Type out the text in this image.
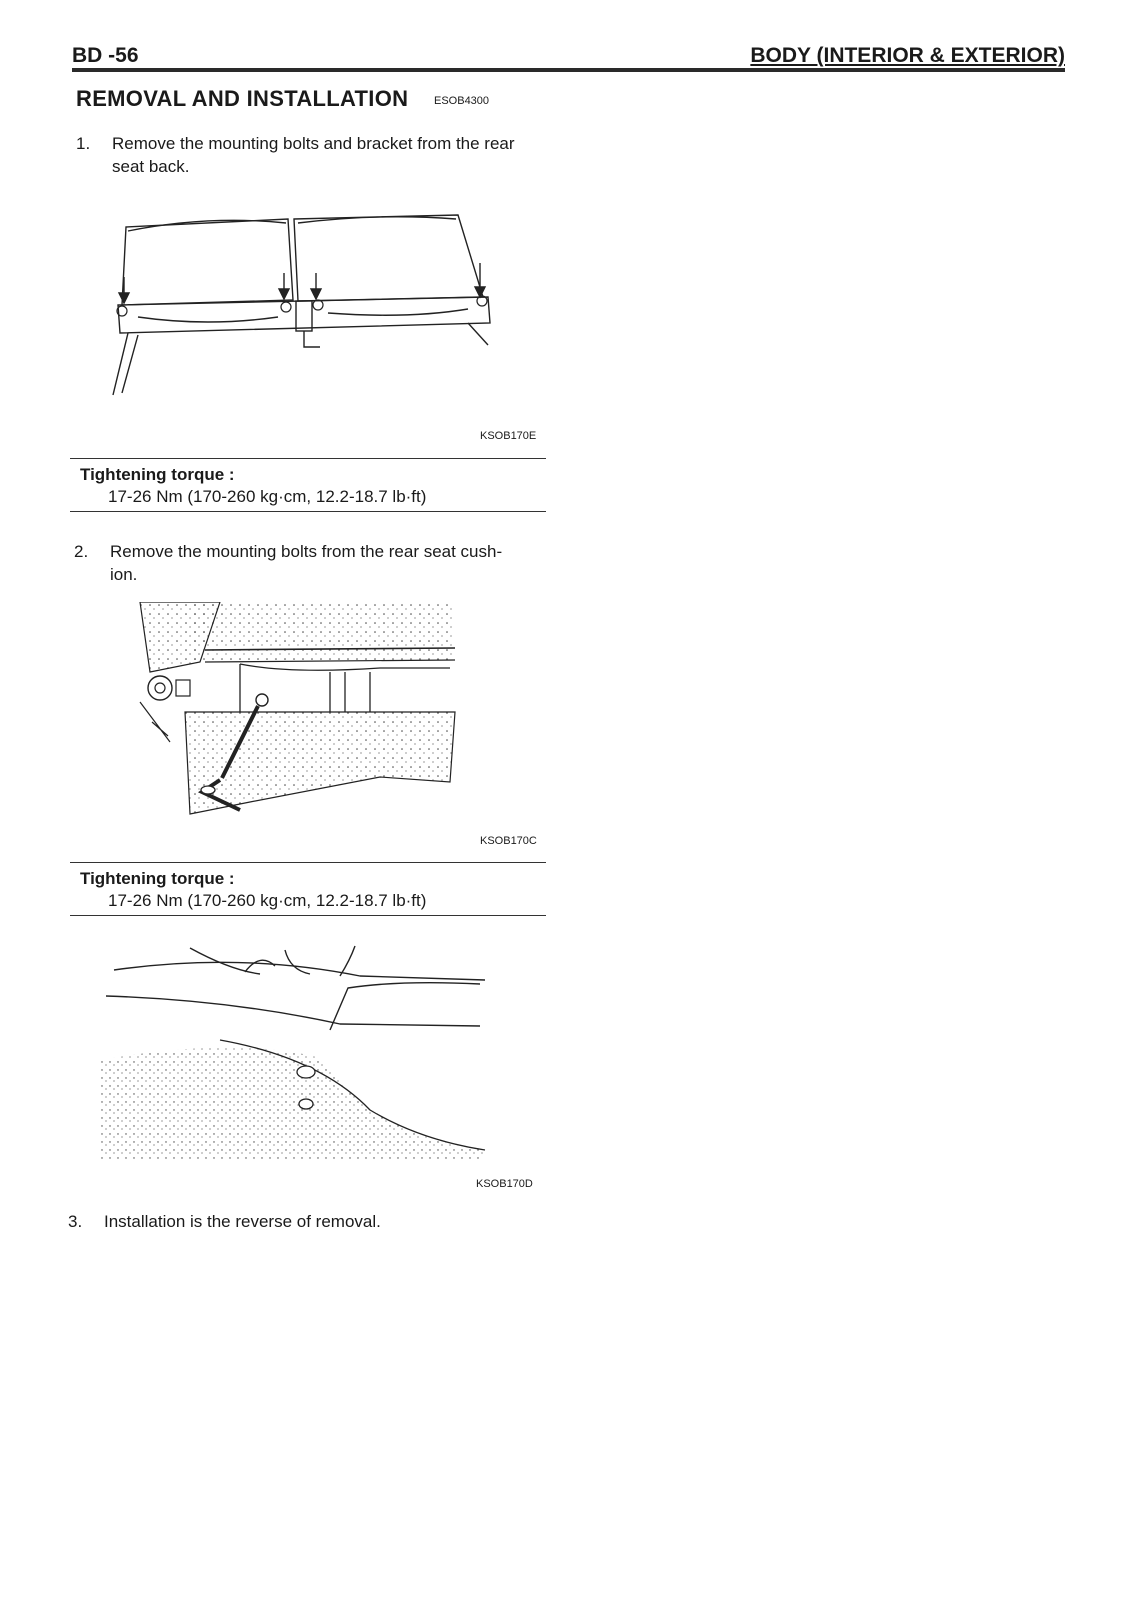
BD -56	BODY (INTERIOR & EXTERIOR)
REMOVAL AND INSTALLATION ESOB4300
1. Remove the mounting bolts and bracket from the rear
seat back.
KSOB170E
Tightening torque :
17-26 Nm (170-260 kg·cm, 12.2-18.7 lb·ft)
2. Remove the mounting bolts from the rear seat cush-
ion.
KSOB170C
Tightening torque :
17-26 Nm (170-260 kg·cm, 12.2-18.7 lb·ft)
KSOB170D
3. Installation is the reverse of removal.
